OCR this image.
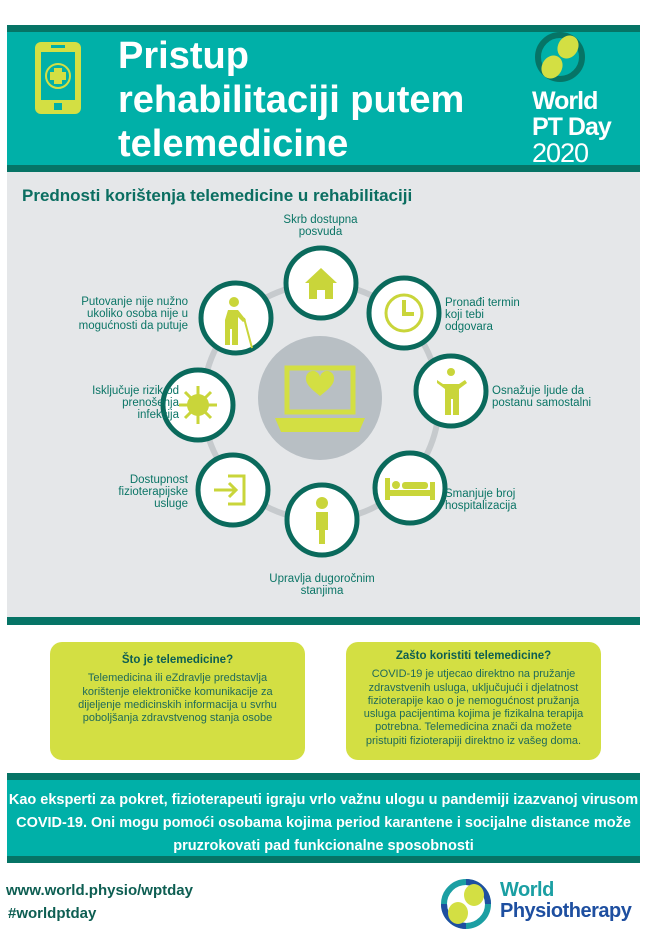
Pristup
rehabilitaciji putem
telemedicine
World
PT Day
2020
Prednosti korištenja telemedicine u rehabilitaciji
Skrb dostupna posvuda
Pronađi termin koji tebi odgovara
Osnažuje ljude da postanu samostalni
Smanjuje broj hospitalizacija
Upravlja dugoročnim stanjima
Dostupnost fizioterapijske usluge
Isključuje rizik od prenošenja infekcija
Putovanje nije nužno ukoliko osoba nije u mogućnosti da putuje
Što je telemedicine?
Telemedicina ili eZdravlje predstavlja korištenje elektroničke komunikacije za dijeljenje medicinskih informacija u svrhu poboljšanja zdravstvenog stanja osobe
Zašto koristiti telemedicine?
COVID-19 je utjecao direktno na pružanje zdravstvenih usluga, uključujući i djelatnost fizioterapije kao o je nemogućnost pružanja usluga pacijentima kojima je fizikalna terapija potrebna. Telemedicina znači da možete pristupiti fizioterapiji direktno iz vašeg doma.
Kao eksperti za pokret, fizioterapeuti igraju vrlo važnu ulogu u pandemiji izazvanoj virusom COVID-19. Oni mogu pomoći osobama kojima period karantene i socijalne distance može pruzrokovati pad funkcionalne sposobnosti
www.world.physio/wptday
#worldptday
World
Physiotherapy
